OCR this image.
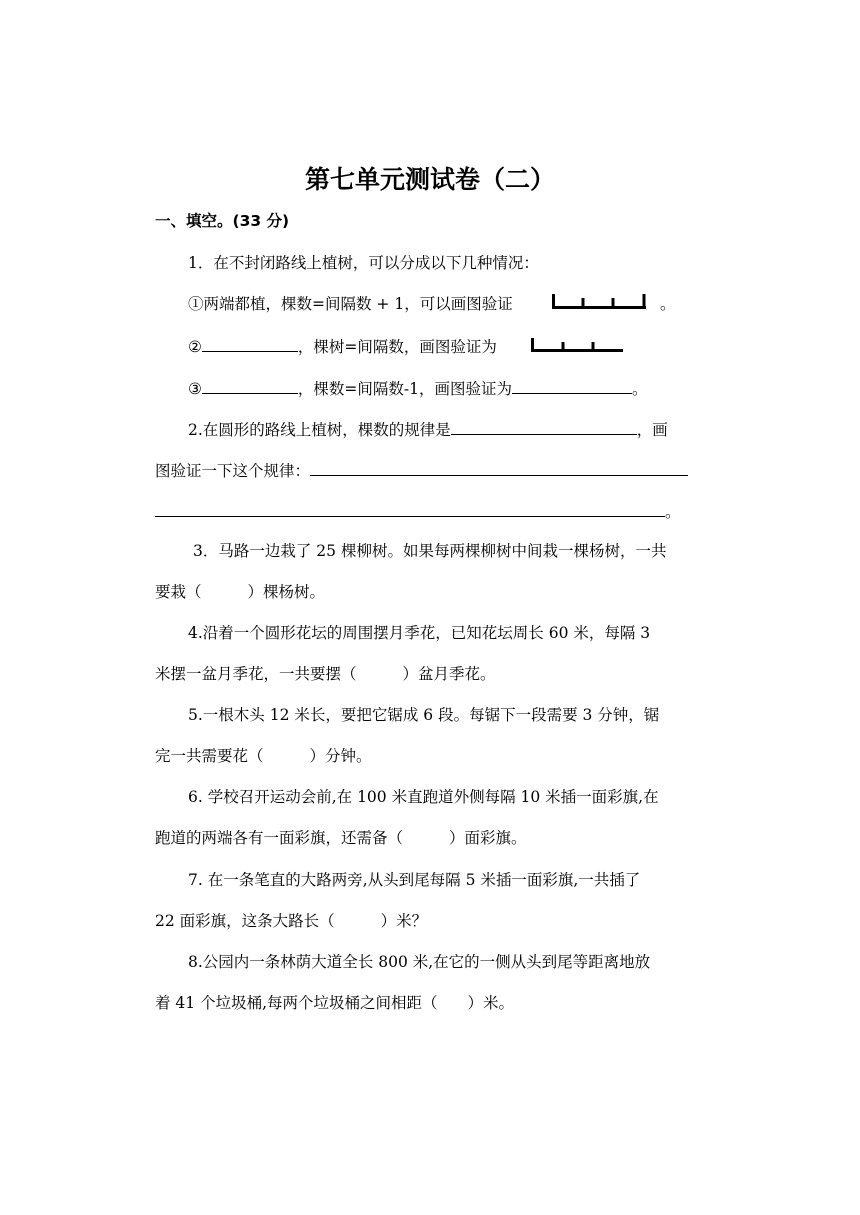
第七单元测试卷（二）
一、填空。(33 分)
1．在不封闭路线上植树，可以分成以下几种情况：
①两端都植，棵数=间隔数 + 1，可以画图验证	。
②	，棵树=间隔数，画图验证为
③	，棵数=间隔数-1，画图验证为	。
2.在圆形的路线上植树，棵数的规律是	，画
图验证一下这个规律：
。
3．马路一边栽了 25 棵柳树。如果每两棵柳树中间栽一棵杨树，一共
要栽（	）棵杨树。
4.沿着一个圆形花坛的周围摆月季花，已知花坛周长 60 米，每隔 3
米摆一盆月季花，一共要摆（	）盆月季花。
5.一根木头 12 米长，要把它锯成 6 段。每锯下一段需要 3 分钟，锯
完一共需要花（	）分钟。
6. 学校召开运动会前,在 100 米直跑道外侧每隔 10 米插一面彩旗,在
跑道的两端各有一面彩旗，还需备（	）面彩旗。
7. 在一条笔直的大路两旁,从头到尾每隔 5 米插一面彩旗,一共插了
22 面彩旗，这条大路长（	）米？
8.公园内一条林荫大道全长 800 米,在它的一侧从头到尾等距离地放
着 41 个垃圾桶,每两个垃圾桶之间相距（ ）米。
